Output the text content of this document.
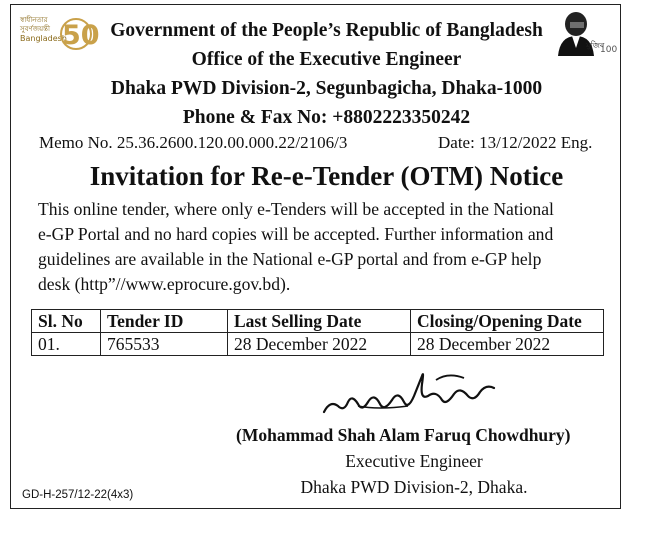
স্বাধীনতার
সুবর্ণজয়ন্তী
Bangladesh
50	মুজিব
100
Government of the People’s Republic of Bangladesh
Office of the Executive Engineer
Dhaka PWD Division-2, Segunbagicha, Dhaka-1000
Phone & Fax No: +8802223350242
Memo No. 25.36.2600.120.00.000.22/2106/3	Date: 13/12/2022 Eng.
Invitation for Re-e-Tender (OTM) Notice
This online tender, where only e-Tenders will be accepted in the National
e-GP Portal and no hard copies will be accepted. Further information and
guidelines are available in the National e-GP portal and from e-GP help
desk (http”//www.eprocure.gov.bd).
Sl. No	Tender ID	Last Selling Date	Closing/Opening Date
01.	765533	28 December 2022	28 December 2022
(Mohammad Shah Alam Faruq Chowdhury)
Executive Engineer
Dhaka PWD Division-2, Dhaka.
GD-H-257/12-22(4x3)
